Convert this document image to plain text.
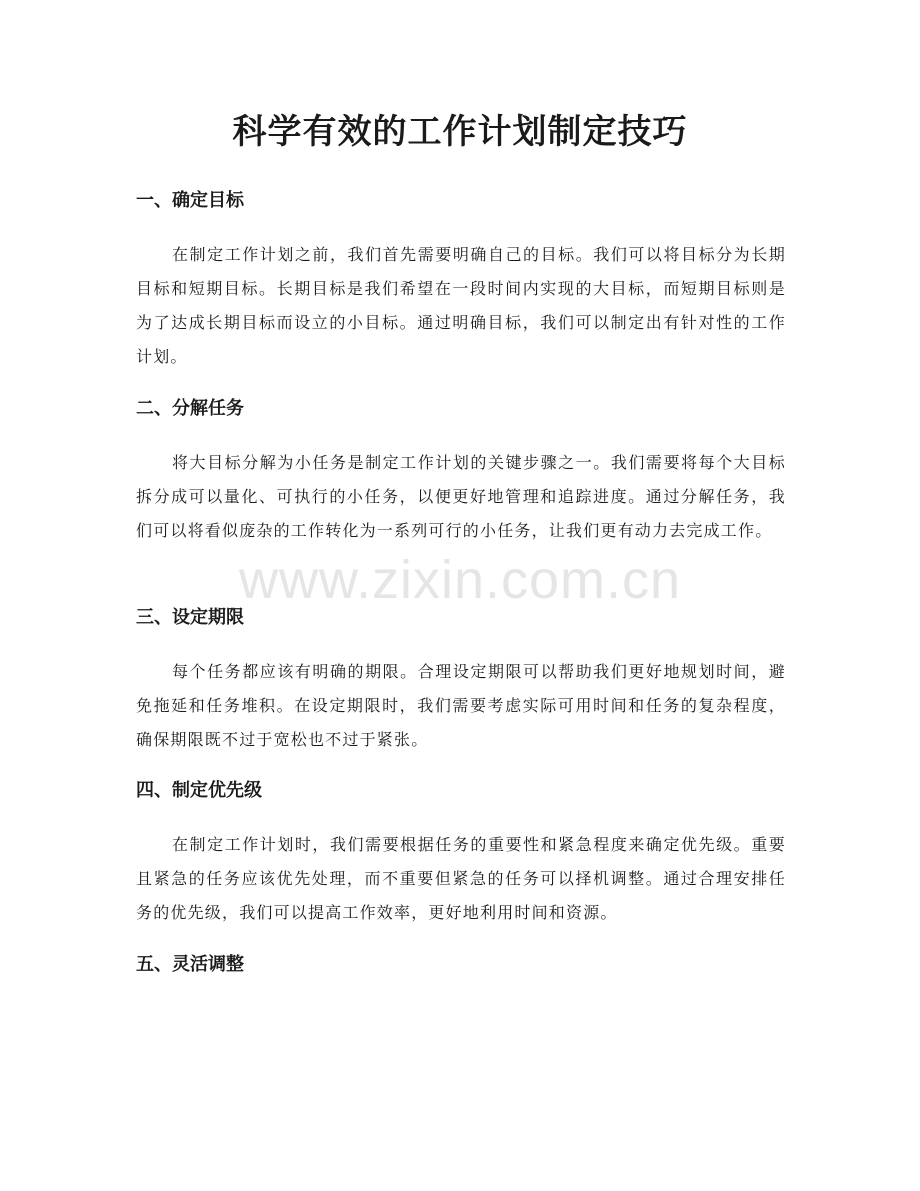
科学有效的工作计划制定技巧
一、确定目标

在制定工作计划之前，我们首先需要明确自己的目标。我们可以将目标分为长期目标和短期目标。长期目标是我们希望在一段时间内实现的大目标，而短期目标则是为了达成长期目标而设立的小目标。通过明确目标，我们可以制定出有针对性的工作计划。

二、分解任务

将大目标分解为小任务是制定工作计划的关键步骤之一。我们需要将每个大目标拆分成可以量化、可执行的小任务，以便更好地管理和追踪进度。通过分解任务，我们可以将看似庞杂的工作转化为一系列可行的小任务，让我们更有动力去完成工作。

三、设定期限

每个任务都应该有明确的期限。合理设定期限可以帮助我们更好地规划时间，避免拖延和任务堆积。在设定期限时，我们需要考虑实际可用时间和任务的复杂程度，确保期限既不过于宽松也不过于紧张。

四、制定优先级

在制定工作计划时，我们需要根据任务的重要性和紧急程度来确定优先级。重要且紧急的任务应该优先处理，而不重要但紧急的任务可以择机调整。通过合理安排任务的优先级，我们可以提高工作效率，更好地利用时间和资源。

五、灵活调整
www.zixin.com.cn
